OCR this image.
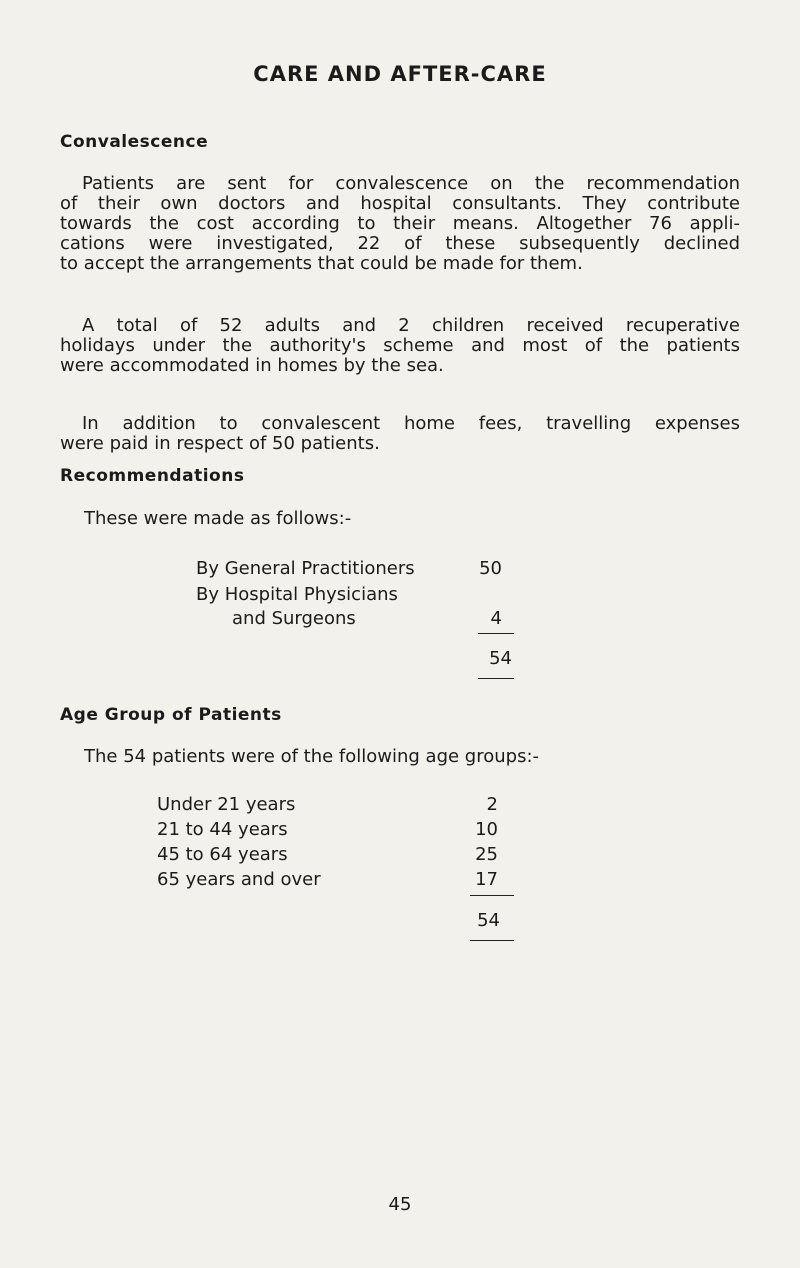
CARE AND AFTER-CARE
Convalescence
Patients are sent for convalescence on the recommendation
of their own doctors and hospital consultants. They contribute
towards the cost according to their means. Altogether 76 appli-
cations were investigated, 22 of these subsequently declined
to accept the arrangements that could be made for them.
A total of 52 adults and 2 children received recuperative
holidays under the authority's scheme and most of the patients
were accommodated in homes by the sea.
In addition to convalescent home fees, travelling expenses
were paid in respect of 50 patients.
Recommendations
These were made as follows:-
By General Practitioners	50
By Hospital Physicians
and Surgeons	4
54
Age Group of Patients
The 54 patients were of the following age groups:-
Under 21 years	2
21 to 44 years	10
45 to 64 years	25
65 years and over	17
54
45
